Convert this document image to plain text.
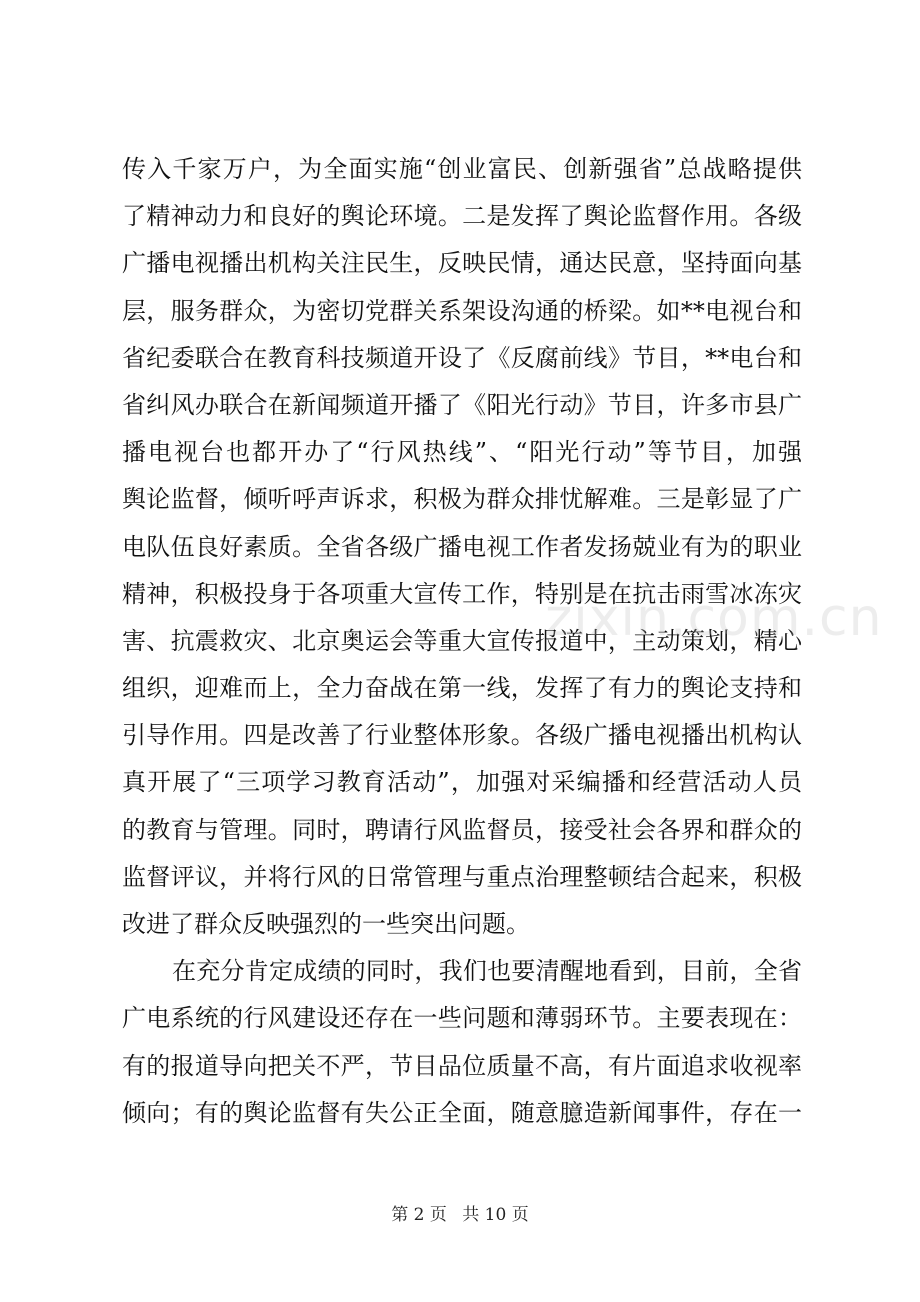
传入千家万户，为全面实施“创业富民、创新强省”总战略提供
了精神动力和良好的舆论环境。二是发挥了舆论监督作用。各级
广播电视播出机构关注民生，反映民情，通达民意，坚持面向基
层，服务群众，为密切党群关系架设沟通的桥梁。如**电视台和
省纪委联合在教育科技频道开设了《反腐前线》节目，**电台和
省纠风办联合在新闻频道开播了《阳光行动》节目，许多市县广
播电视台也都开办了“行风热线”、“阳光行动”等节目，加强
舆论监督，倾听呼声诉求，积极为群众排忧解难。三是彰显了广
电队伍良好素质。全省各级广播电视工作者发扬兢业有为的职业
精神，积极投身于各项重大宣传工作，特别是在抗击雨雪冰冻灾
害、抗震救灾、北京奥运会等重大宣传报道中，主动策划，精心
组织，迎难而上，全力奋战在第一线，发挥了有力的舆论支持和
引导作用。四是改善了行业整体形象。各级广播电视播出机构认
真开展了“三项学习教育活动”，加强对采编播和经营活动人员
的教育与管理。同时，聘请行风监督员，接受社会各界和群众的
监督评议，并将行风的日常管理与重点治理整顿结合起来，积极
改进了群众反映强烈的一些突出问题。
在充分肯定成绩的同时，我们也要清醒地看到，目前，全省
广电系统的行风建设还存在一些问题和薄弱环节。主要表现在：
有的报道导向把关不严，节目品位质量不高，有片面追求收视率
倾向；有的舆论监督有失公正全面，随意臆造新闻事件，存在一
zixin.com.cn
第 2 页 共 10 页
